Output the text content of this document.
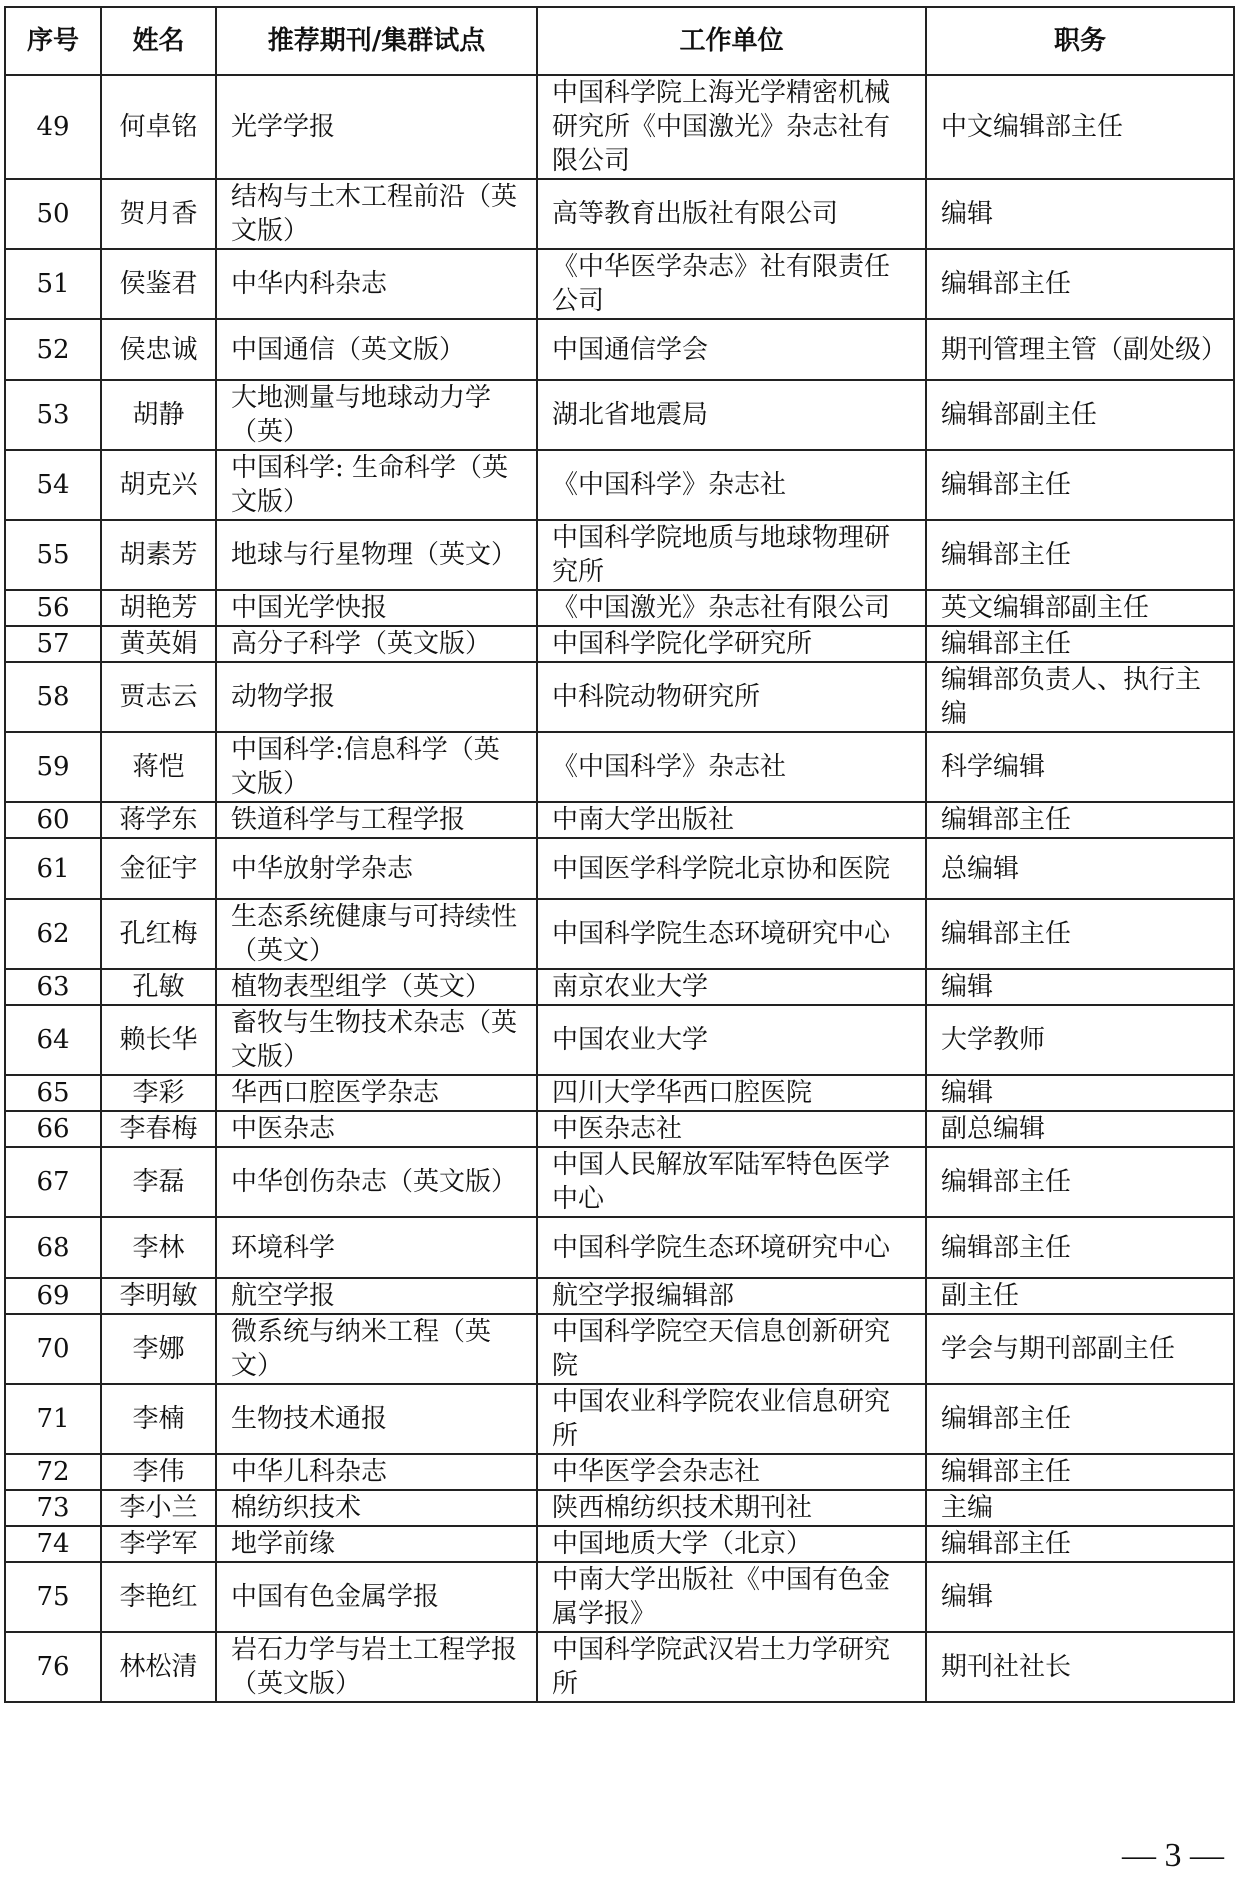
序号	姓名	推荐期刊/集群试点	工作单位	职务
49	何卓铭	光学学报	中国科学院上海光学精密机械研究所《中国激光》杂志社有限公司	中文编辑部主任
50	贺月香	结构与土木工程前沿（英文版）	高等教育出版社有限公司	编辑
51	侯鉴君	中华内科杂志	《中华医学杂志》社有限责任公司	编辑部主任
52	侯忠诚	中国通信（英文版）	中国通信学会	期刊管理主管（副处级）
53	胡静	大地测量与地球动力学（英）	湖北省地震局	编辑部副主任
54	胡克兴	中国科学: 生命科学（英文版）	《中国科学》杂志社	编辑部主任
55	胡素芳	地球与行星物理（英文）	中国科学院地质与地球物理研究所	编辑部主任
56	胡艳芳	中国光学快报	《中国激光》杂志社有限公司	英文编辑部副主任
57	黄英娟	高分子科学（英文版）	中国科学院化学研究所	编辑部主任
58	贾志云	动物学报	中科院动物研究所	编辑部负责人、执行主编
59	蒋恺	中国科学:信息科学（英文版）	《中国科学》杂志社	科学编辑
60	蒋学东	铁道科学与工程学报	中南大学出版社	编辑部主任
61	金征宇	中华放射学杂志	中国医学科学院北京协和医院	总编辑
62	孔红梅	生态系统健康与可持续性（英文）	中国科学院生态环境研究中心	编辑部主任
63	孔敏	植物表型组学（英文）	南京农业大学	编辑
64	赖长华	畜牧与生物技术杂志（英文版）	中国农业大学	大学教师
65	李彩	华西口腔医学杂志	四川大学华西口腔医院	编辑
66	李春梅	中医杂志	中医杂志社	副总编辑
67	李磊	中华创伤杂志（英文版）	中国人民解放军陆军特色医学中心	编辑部主任
68	李林	环境科学	中国科学院生态环境研究中心	编辑部主任
69	李明敏	航空学报	航空学报编辑部	副主任
70	李娜	微系统与纳米工程（英文）	中国科学院空天信息创新研究院	学会与期刊部副主任
71	李楠	生物技术通报	中国农业科学院农业信息研究所	编辑部主任
72	李伟	中华儿科杂志	中华医学会杂志社	编辑部主任
73	李小兰	棉纺织技术	陕西棉纺织技术期刊社	主编
74	李学军	地学前缘	中国地质大学（北京）	编辑部主任
75	李艳红	中国有色金属学报	中南大学出版社《中国有色金属学报》	编辑
76	林松清	岩石力学与岩土工程学报（英文版）	中国科学院武汉岩土力学研究所	期刊社社长
— 3 —
